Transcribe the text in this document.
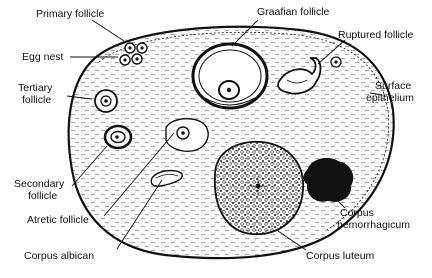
Primary follicle	Graafian follicle
Egg nest
Ruptured follicle
Tertiary
follicle
Surface
epithelium
Secondary
follicle
Atretic follicle
Corpus
hemorrhagicum
Corpus albican	Corpus luteum
